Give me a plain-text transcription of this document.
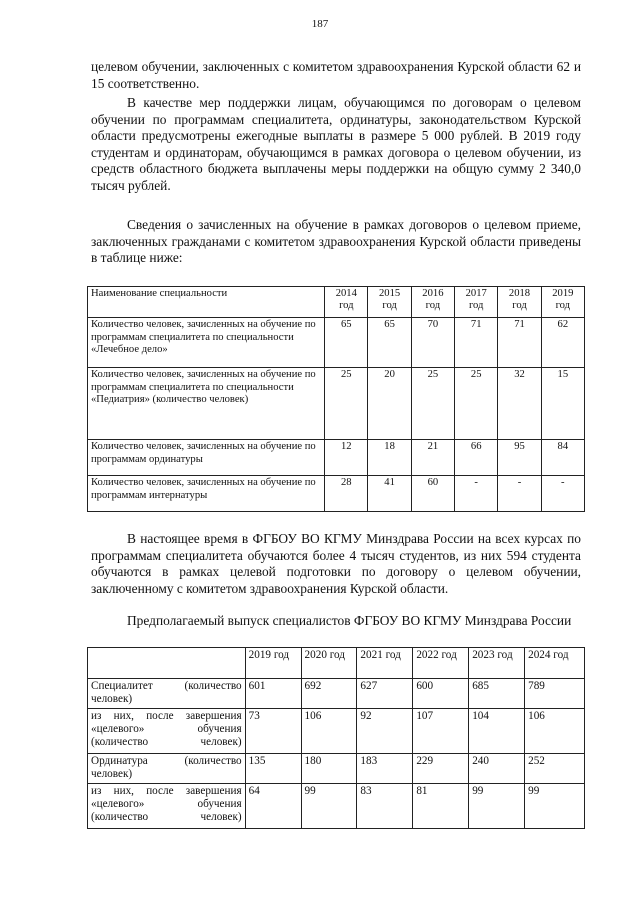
187

целевом обучении, заключенных с комитетом здравоохранения Курской области 62 и 15 соответственно.

В качестве мер поддержки лицам, обучающимся по договорам о целевом обучении по программам специалитета, ординатуры, законодательством Курской области предусмотрены ежегодные выплаты в размере 5 000 рублей. В 2019 году студентам и ординаторам, обучающимся в рамках договора о целевом обучении, из средств областного бюджета выплачены меры поддержки на общую сумму 2 340,0 тысяч рублей.

Сведения о зачисленных на обучение в рамках договоров о целевом приеме, заключенных гражданами с комитетом здравоохранения Курской области приведены в таблице ниже:

Наименование специальности	2014 год	2015 год	2016 год	2017 год	2018 год	2019 год
Количество человек, зачисленных на обучение по программам специалитета по специальности «Лечебное дело»	65	65	70	71	71	62
Количество человек, зачисленных на обучение по программам специалитета по специальности «Педиатрия» (количество человек)	25	20	25	25	32	15
Количество человек, зачисленных на обучение по программам ординатуры	12	18	21	66	95	84
Количество человек, зачисленных на обучение по программам интернатуры	28	41	60	-	-	-

В настоящее время в ФГБОУ ВО КГМУ Минздрава России на всех курсах по программам специалитета обучаются более 4 тысяч студентов, из них 594 студента обучаются в рамках целевой подготовки по договору о целевом обучении, заключенному с комитетом здравоохранения Курской области.

Предполагаемый выпуск специалистов ФГБОУ ВО КГМУ Минздрава России

	2019 год	2020 год	2021 год	2022 год	2023 год	2024 год
Специалитет (количество человек)	601	692	627	600	685	789
из них, после завершения «целевого» обучения (количество человек)	73	106	92	107	104	106
Ординатура (количество человек)	135	180	183	229	240	252
из них, после завершения «целевого» обучения (количество человек)	64	99	83	81	99	99
